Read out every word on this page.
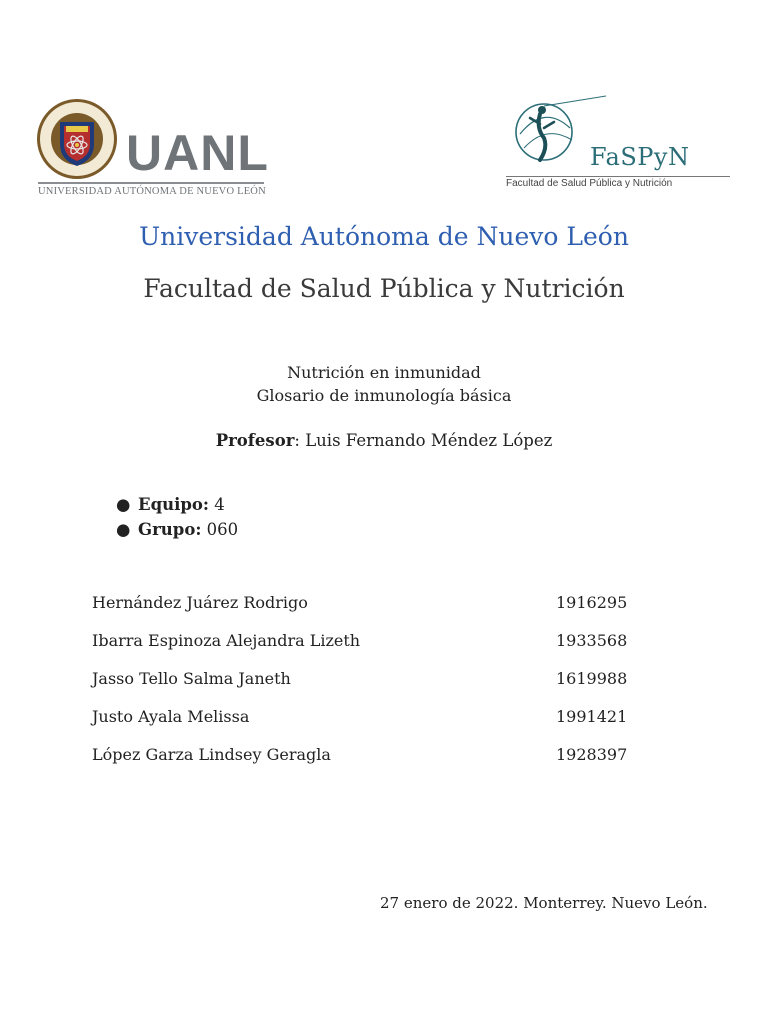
UANL
UNIVERSIDAD AUTÓNOMA DE NUEVO LEÓN
FaSPyN
Facultad de Salud Pública y Nutrición
Universidad Autónoma de Nuevo León
Facultad de Salud Pública y Nutrición
Nutrición en inmunidad
Glosario de inmunología básica
Profesor: Luis Fernando Méndez López
● Equipo: 4
● Grupo: 060
Hernández Juárez Rodrigo	1916295
Ibarra Espinoza Alejandra Lizeth	1933568
Jasso Tello Salma Janeth	1619988
Justo Ayala Melissa	1991421
López Garza Lindsey Geragla	1928397
27 enero de 2022. Monterrey. Nuevo León.
